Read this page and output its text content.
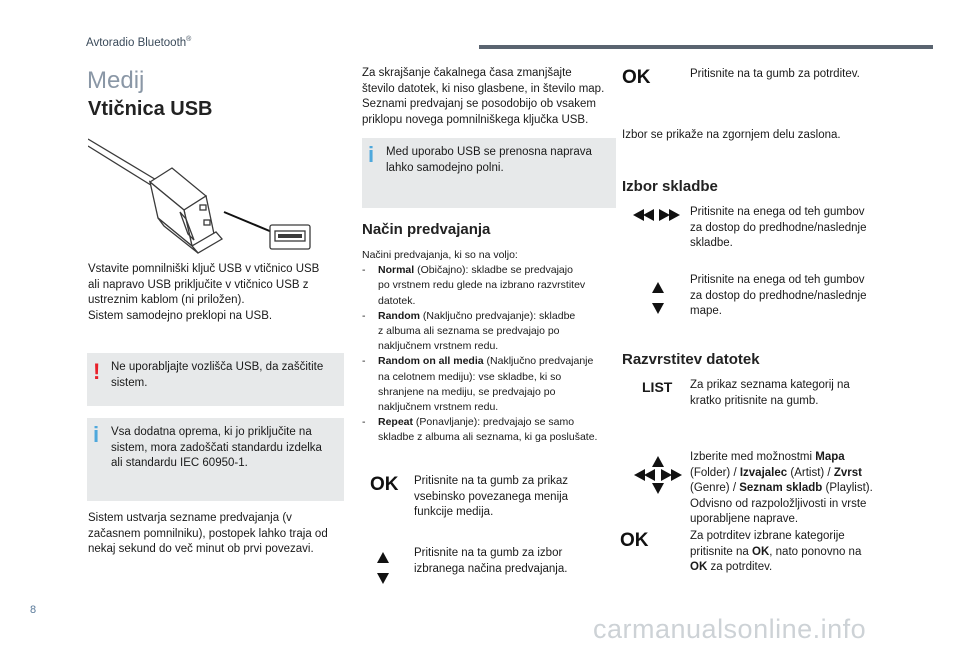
Avtoradio Bluetooth®
Medij
Vtičnica USB
Vstavite pomnilniški ključ USB v vtičnico USB
ali napravo USB priključite v vtičnico USB z
ustreznim kablom (ni priložen).
Sistem samodejno preklopi na USB.
! Ne uporabljajte vozlišča USB, da zaščitite
sistem.
i Vsa dodatna oprema, ki jo priključite na
sistem, mora zadoščati standardu izdelka
ali standardu IEC 60950-1.
Sistem ustvarja sezname predvajanja (v
začasnem pomnilniku), postopek lahko traja od
nekaj sekund do več minut ob prvi povezavi.
Za skrajšanje čakalnega časa zmanjšajte
število datotek, ki niso glasbene, in število map.
Seznami predvajanj se posodobijo ob vsakem
priklopu novega pomnilniškega ključka USB.
i Med uporabo USB se prenosna naprava
lahko samodejno polni.
Način predvajanja
Načini predvajanja, ki so na voljo:
- Normal (Običajno): skladbe se predvajajo
po vrstnem redu glede na izbrano razvrstitev
datotek.
- Random (Naključno predvajanje): skladbe
z albuma ali seznama se predvajajo po
naključnem vrstnem redu.
- Random on all media (Naključno predvajanje
na celotnem mediju): vse skladbe, ki so
shranjene na mediju, se predvajajo po
naključnem vrstnem redu.
- Repeat (Ponavljanje): predvajajo se samo
skladbe z albuma ali seznama, ki ga poslušate.
OK Pritisnite na ta gumb za prikaz
vsebinsko povezanega menija
funkcije medija.
Pritisnite na ta gumb za izbor
izbranega načina predvajanja.
OK	Pritisnite na ta gumb za potrditev.
Izbor se prikaže na zgornjem delu zaslona.
Izbor skladbe
Pritisnite na enega od teh gumbov
za dostop do predhodne/naslednje
skladbe.
Pritisnite na enega od teh gumbov
za dostop do predhodne/naslednje
mape.
Razvrstitev datotek
LIST Za prikaz seznama kategorij na
kratko pritisnite na gumb.
Izberite med možnostmi Mapa
(Folder) / Izvajalec (Artist) / Zvrst
(Genre) / Seznam skladb (Playlist).
Odvisno od razpoložljivosti in vrste
uporabljene naprave.
OK	Za potrditev izbrane kategorije
pritisnite na OK, nato ponovno na
OK za potrditev.
8
carmanualsonline.info
